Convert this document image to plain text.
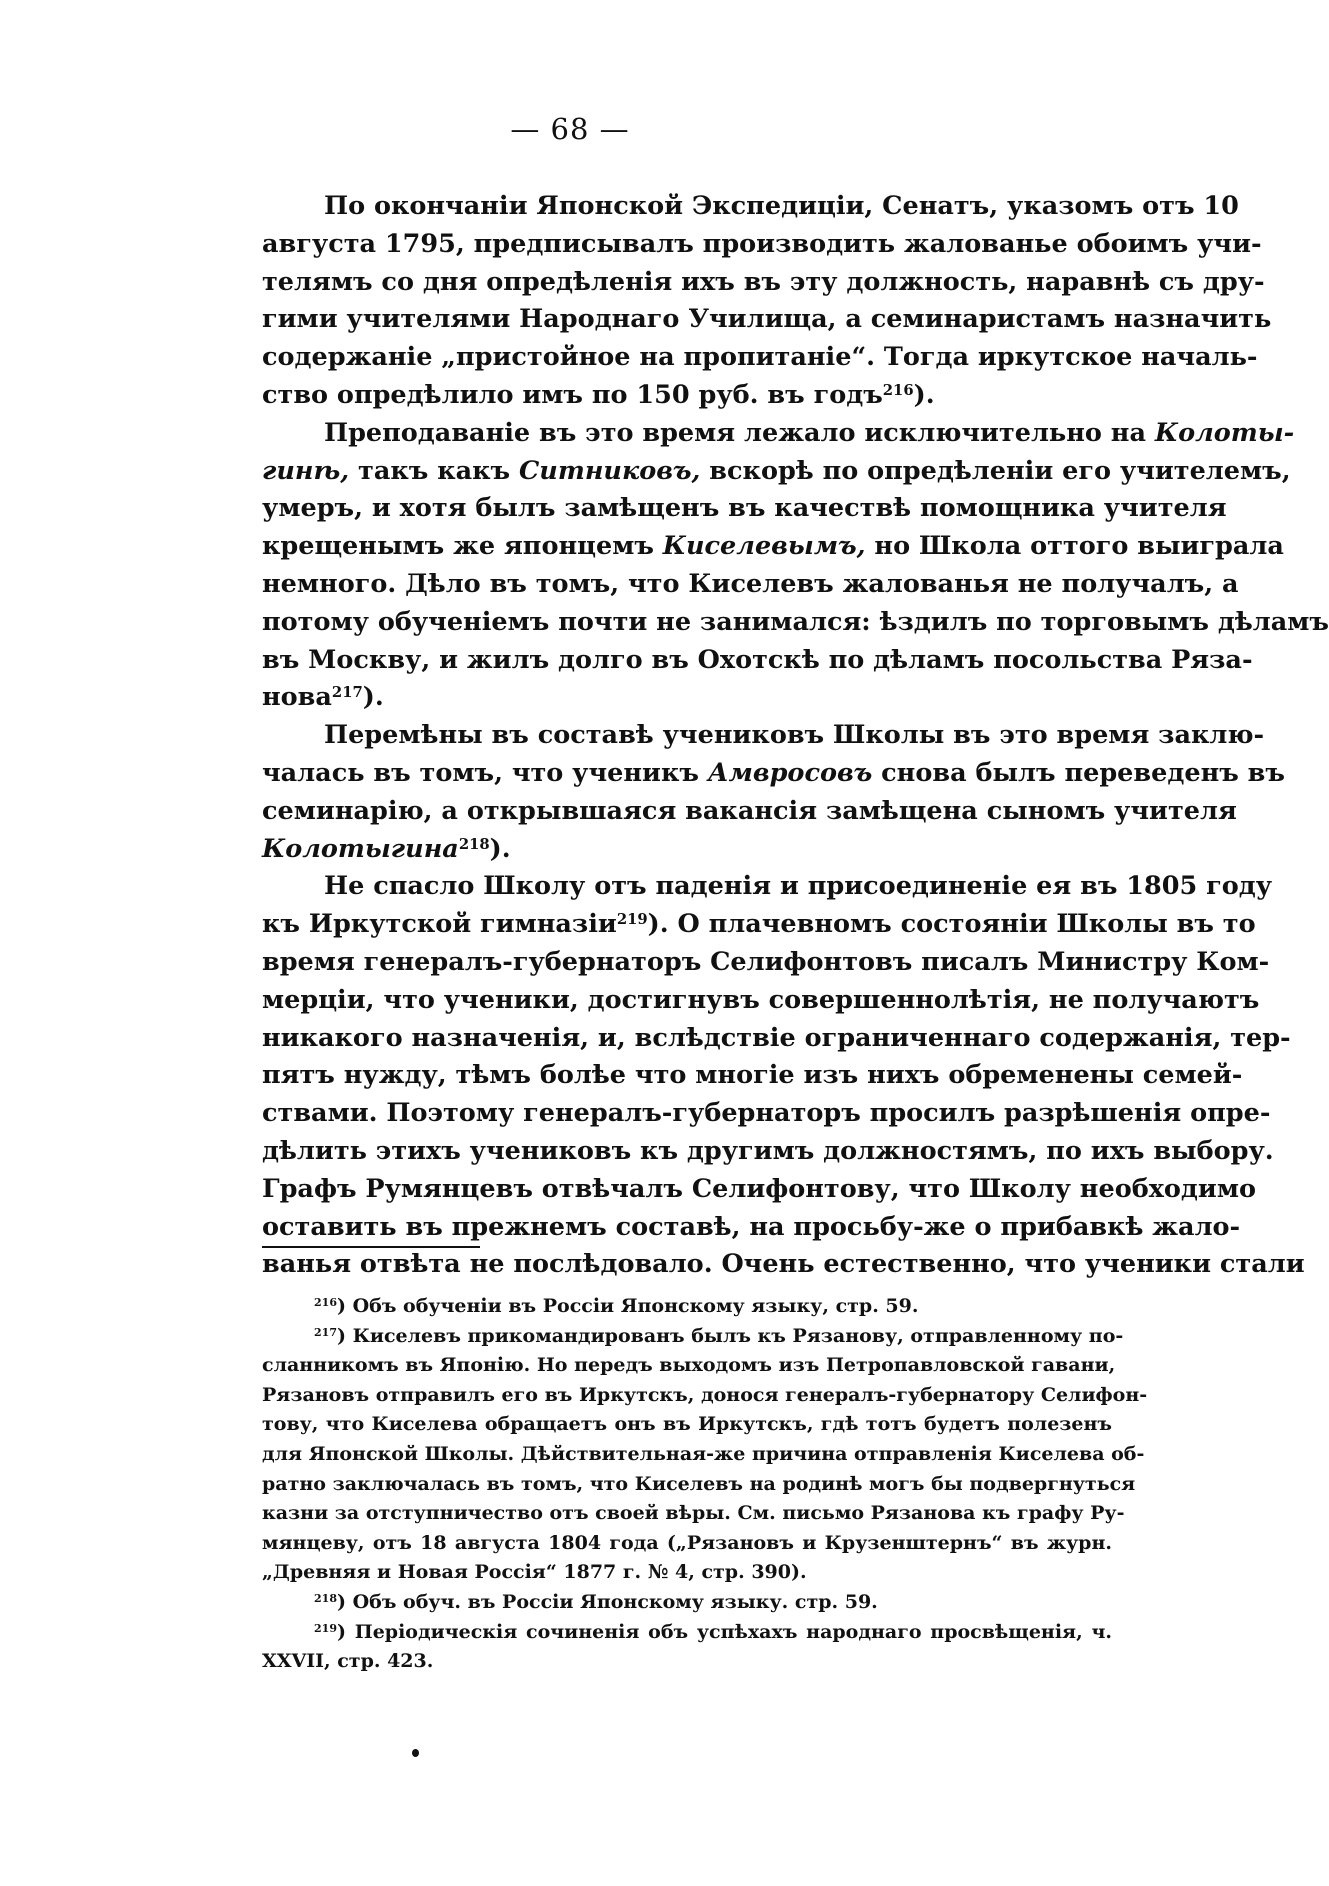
— 68 —
По окончаніи Японской Экспедиціи, Сенатъ, указомъ отъ 10
августа 1795, предписывалъ производить жалованье обоимъ учи-
телямъ со дня опредѣленія ихъ въ эту должность, наравнѣ съ дру-
гими учителями Народнаго Училища, а семинаристамъ назначить
содержаніе „пристойное на пропитаніе“. Тогда иркутское началь-
ство опредѣлило имъ по 150 руб. въ годъ$^{216}$).
Преподаваніе въ это время лежало исключительно на Колоты-
гинѣ, такъ какъ Ситниковъ, вскорѣ по опредѣленіи его учителемъ,
умеръ, и хотя былъ замѣщенъ въ качествѣ помощника учителя
крещенымъ же японцемъ Киселевымъ, но Школа оттого выиграла
немного. Дѣло въ томъ, что Киселевъ жалованья не получалъ, а
потому обученіемъ почти не занимался: ѣздилъ по торговымъ дѣламъ
въ Москву, и жилъ долго въ Охотскѣ по дѣламъ посольства Рязa-
нова$^{217}$).
Перемѣны въ составѣ учениковъ Школы въ это время заклю-
чалась въ томъ, что ученикъ Амвросовъ снова былъ переведенъ въ
семинарію, а открывшаяся вакансія замѣщена сыномъ учителя
Колотыгина$^{218}$).
Не спасло Школу отъ паденія и присоединеніе ея въ 1805 году
къ Иркутской гимназіи$^{219}$). О плачевномъ состояніи Школы въ то
время генералъ-губернаторъ Селифонтовъ писалъ Министру Ком-
мерціи, что ученики, достигнувъ совершеннолѣтія, не получаютъ
никакого назначенія, и, вслѣдствіе ограниченнаго содержанія, тер-
пятъ нужду, тѣмъ болѣе что многіе изъ нихъ обременены семей-
ствами. Поэтому генералъ-губернаторъ просилъ разрѣшенія опре-
дѣлить этихъ учениковъ къ другимъ должностямъ, по ихъ выбору.
Графъ Румянцевъ отвѣчалъ Селифонтову, что Школу необходимо
оставить въ прежнемъ составѣ, на просьбу-же о прибавкѣ жало-
ванья отвѣта не послѣдовало. Очень естественно, что ученики стали
$^{216}$) Объ обученіи въ Россіи Японскому языку, стр. 59.
$^{217}$) Киселевъ прикомандированъ былъ къ Рязанову, отправленному по-
сланникомъ въ Японію. Но передъ выходомъ изъ Петропавловской гавани,
Рязановъ отправилъ его въ Иркутскъ, донося генералъ-губернатору Селифон-
тову, что Киселева обращаетъ онъ въ Иркутскъ, гдѣ тотъ будетъ полезенъ
для Японской Школы. Дѣйствительная-же причина отправленія Киселева об-
ратно заключалась въ томъ, что Киселевъ на родинѣ могъ бы подвергнуться
казни за отступничество отъ своей вѣры. См. письмо Рязанова къ графу Ру-
мянцеву, отъ 18 августа 1804 года („Рязановъ и Крузенштернъ“ въ журн.
„Древняя и Новая Россія“ 1877 г. № 4, стр. 390).
$^{218}$) Объ обуч. въ Россіи Японскому языку. стр. 59.
$^{219}$) Періодическія сочиненія объ успѣхахъ народнаго просвѣщенія, ч.
XXVII, стр. 423.
